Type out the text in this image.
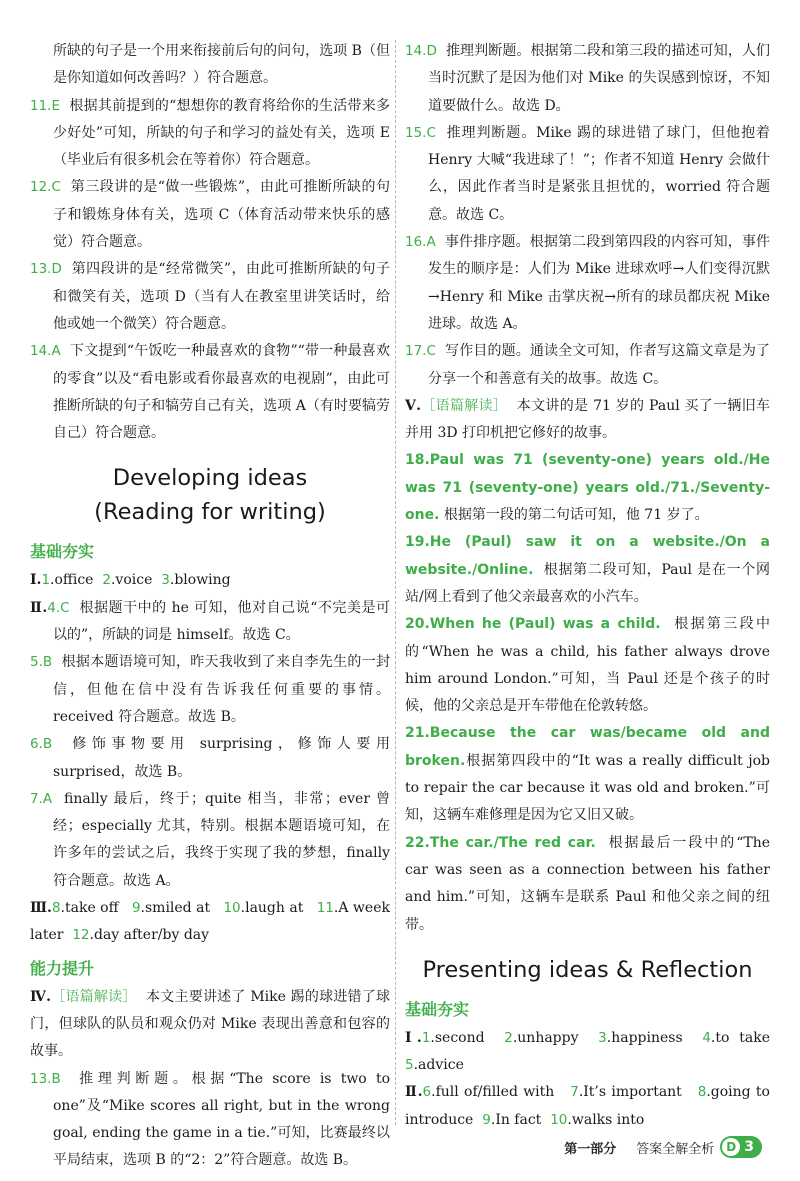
所缺的句子是一个用来衔接前后句的问句，选项 B（但是你知道如何改善吗？）符合题意。

11.E 根据其前提到的“想想你的教育将给你的生活带来多少好处”可知，所缺的句子和学习的益处有关，选项 E（毕业后有很多机会在等着你）符合题意。

12.C 第三段讲的是“做一些锻炼”，由此可推断所缺的句子和锻炼身体有关，选项 C（体育活动带来快乐的感觉）符合题意。

13.D 第四段讲的是“经常微笑”，由此可推断所缺的句子和微笑有关，选项 D（当有人在教室里讲笑话时，给他或她一个微笑）符合题意。

14.A 下文提到“午饭吃一种最喜欢的食物”“带一种最喜欢的零食”以及“看电影或看你最喜欢的电视剧”，由此可推断所缺的句子和犒劳自己有关，选项 A（有时要犒劳自己）符合题意。

Developing ideas
(Reading for writing)
基础夯实

Ⅰ.1.office 2.voice 3.blowing

Ⅱ.4.C 根据题干中的 he 可知，他对自己说“不完美是可以的”，所缺的词是 himself。故选 C。

5.B 根据本题语境可知，昨天我收到了来自李先生的一封信，但他在信中没有告诉我任何重要的事情。received 符合题意。故选 B。

6.B 修饰事物要用 surprising，修饰人要用 surprised，故选 B。

7.A finally 最后，终于；quite 相当，非常；ever 曾经；especially 尤其，特别。根据本题语境可知，在许多年的尝试之后，我终于实现了我的梦想，finally 符合题意。故选 A。

Ⅲ.8.take off 9.smiled at 10.laugh at 11.A week later 12.day after/by day

能力提升

Ⅳ.［语篇解读］ 本文主要讲述了 Mike 踢的球进错了球门，但球队的队员和观众仍对 Mike 表现出善意和包容的故事。

13.B 推理判断题。根据“The score is two to one”及“Mike scores all right, but in the wrong goal, ending the game in a tie.”可知，比赛最终以平局结束，选项 B 的“2：2”符合题意。故选 B。

14.D 推理判断题。根据第二段和第三段的描述可知，人们当时沉默了是因为他们对 Mike 的失误感到惊讶，不知道要做什么。故选 D。

15.C 推理判断题。Mike 踢的球进错了球门，但他抱着 Henry 大喊“我进球了！”；作者不知道 Henry 会做什么，因此作者当时是紧张且担忧的，worried 符合题意。故选 C。

16.A 事件排序题。根据第二段到第四段的内容可知，事件发生的顺序是：人们为 Mike 进球欢呼→人们变得沉默→Henry 和 Mike 击掌庆祝→所有的球员都庆祝 Mike 进球。故选 A。

17.C 写作目的题。通读全文可知，作者写这篇文章是为了分享一个和善意有关的故事。故选 C。

Ⅴ.［语篇解读］ 本文讲的是 71 岁的 Paul 买了一辆旧车并用 3D 打印机把它修好的故事。

18.Paul was 71 (seventy-one) years old./He was 71 (seventy-one) years old./71./Seventy-one. 根据第一段的第二句话可知，他 71 岁了。

19.He (Paul) saw it on a website./On a website./Online. 根据第二段可知，Paul 是在一个网站/网上看到了他父亲最喜欢的小汽车。

20.When he (Paul) was a child. 根据第三段中的“When he was a child, his father always drove him around London.”可知，当 Paul 还是个孩子的时候，他的父亲总是开车带他在伦敦转悠。

21.Because the car was/became old and broken.根据第四段中的“It was a really difficult job to repair the car because it was old and broken.”可知，这辆车难修理是因为它又旧又破。

22.The car./The red car. 根据最后一段中的“The car was seen as a connection between his father and him.”可知，这辆车是联系 Paul 和他父亲之间的纽带。

Presenting ideas & Reflection
基础夯实

Ⅰ.1.second 2.unhappy 3.happiness 4.to take 5.advice

Ⅱ.6.full of/filled with 7.It’s important 8.going to introduce 9.In fact 10.walks into

第一部分 答案全解全析	D 3
